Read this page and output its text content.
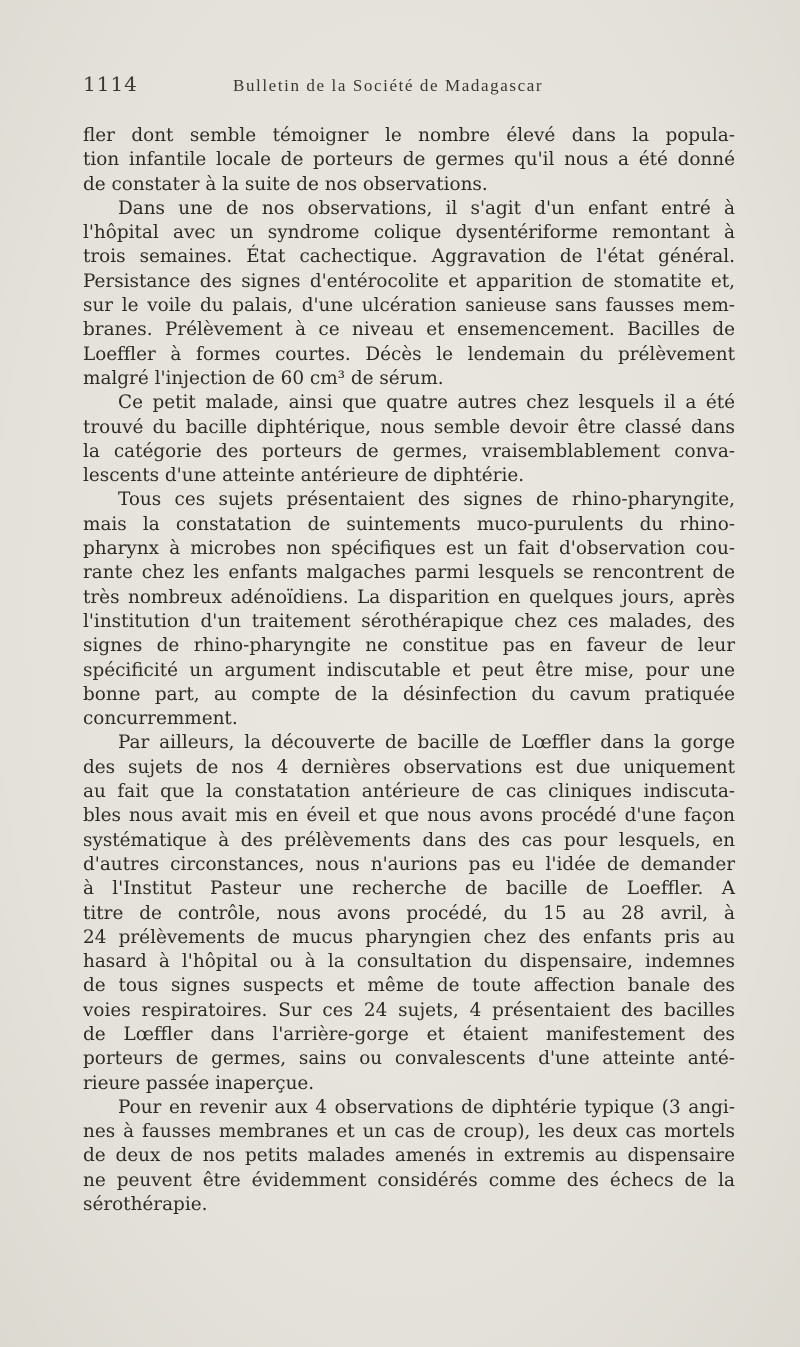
1114	Bulletin de la Société de Madagascar
fler dont semble témoigner le nombre élevé dans la popula-
tion infantile locale de porteurs de germes qu'il nous a été donné
de constater à la suite de nos observations.
Dans une de nos observations, il s'agit d'un enfant entré à
l'hôpital avec un syndrome colique dysentériforme remontant à
trois semaines. État cachectique. Aggravation de l'état général.
Persistance des signes d'entérocolite et apparition de stomatite et,
sur le voile du palais, d'une ulcération sanieuse sans fausses mem-
branes. Prélèvement à ce niveau et ensemencement. Bacilles de
Loeffler à formes courtes. Décès le lendemain du prélèvement
malgré l'injection de 60 cm³ de sérum.
Ce petit malade, ainsi que quatre autres chez lesquels il a été
trouvé du bacille diphtérique, nous semble devoir être classé dans
la catégorie des porteurs de germes, vraisemblablement conva-
lescents d'une atteinte antérieure de diphtérie.
Tous ces sujets présentaient des signes de rhino-pharyngite,
mais la constatation de suintements muco-purulents du rhino-
pharynx à microbes non spécifiques est un fait d'observation cou-
rante chez les enfants malgaches parmi lesquels se rencontrent de
très nombreux adénoïdiens. La disparition en quelques jours, après
l'institution d'un traitement sérothérapique chez ces malades, des
signes de rhino-pharyngite ne constitue pas en faveur de leur
spécificité un argument indiscutable et peut être mise, pour une
bonne part, au compte de la désinfection du cavum pratiquée
concurremment.
Par ailleurs, la découverte de bacille de Lœffler dans la gorge
des sujets de nos 4 dernières observations est due uniquement
au fait que la constatation antérieure de cas cliniques indiscuta-
bles nous avait mis en éveil et que nous avons procédé d'une façon
systématique à des prélèvements dans des cas pour lesquels, en
d'autres circonstances, nous n'aurions pas eu l'idée de demander
à l'Institut Pasteur une recherche de bacille de Loeffler. A
titre de contrôle, nous avons procédé, du 15 au 28 avril, à
24 prélèvements de mucus pharyngien chez des enfants pris au
hasard à l'hôpital ou à la consultation du dispensaire, indemnes
de tous signes suspects et même de toute affection banale des
voies respiratoires. Sur ces 24 sujets, 4 présentaient des bacilles
de Lœffler dans l'arrière-gorge et étaient manifestement des
porteurs de germes, sains ou convalescents d'une atteinte anté-
rieure passée inaperçue.
Pour en revenir aux 4 observations de diphtérie typique (3 angi-
nes à fausses membranes et un cas de croup), les deux cas mortels
de deux de nos petits malades amenés in extremis au dispensaire
ne peuvent être évidemment considérés comme des échecs de la
sérothérapie.
